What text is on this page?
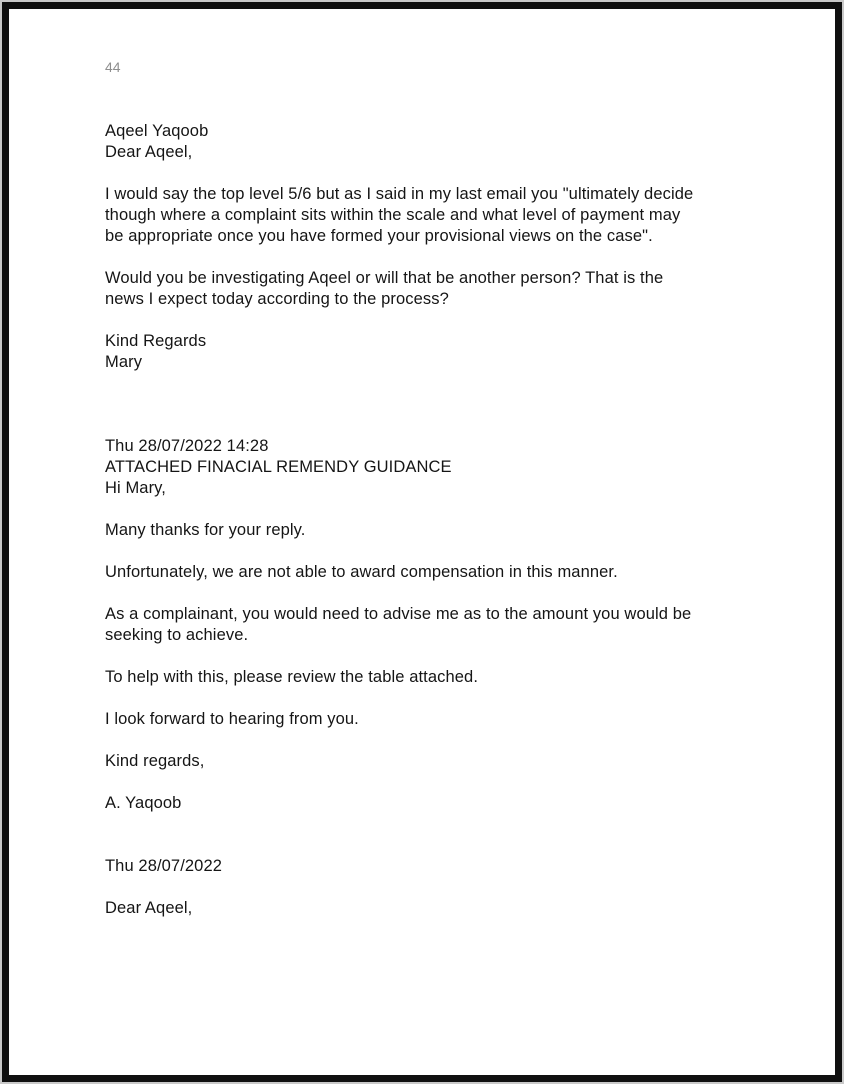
44
Aqeel Yaqoob
Dear Aqeel,
I would say the top level 5/6 but as I said in my last email you "ultimately decide
though where a complaint sits within the scale and what level of payment may
be appropriate once you have formed your provisional views on the case".
Would you be investigating Aqeel or will that be another person? That is the
news I expect today according to the process?
Kind Regards
Mary
Thu 28/07/2022 14:28
ATTACHED FINACIAL REMENDY GUIDANCE
Hi Mary,
Many thanks for your reply.
Unfortunately, we are not able to award compensation in this manner.
As a complainant, you would need to advise me as to the amount you would be
seeking to achieve.
To help with this, please review the table attached.
I look forward to hearing from you.
Kind regards,
A. Yaqoob
Thu 28/07/2022
Dear Aqeel,
